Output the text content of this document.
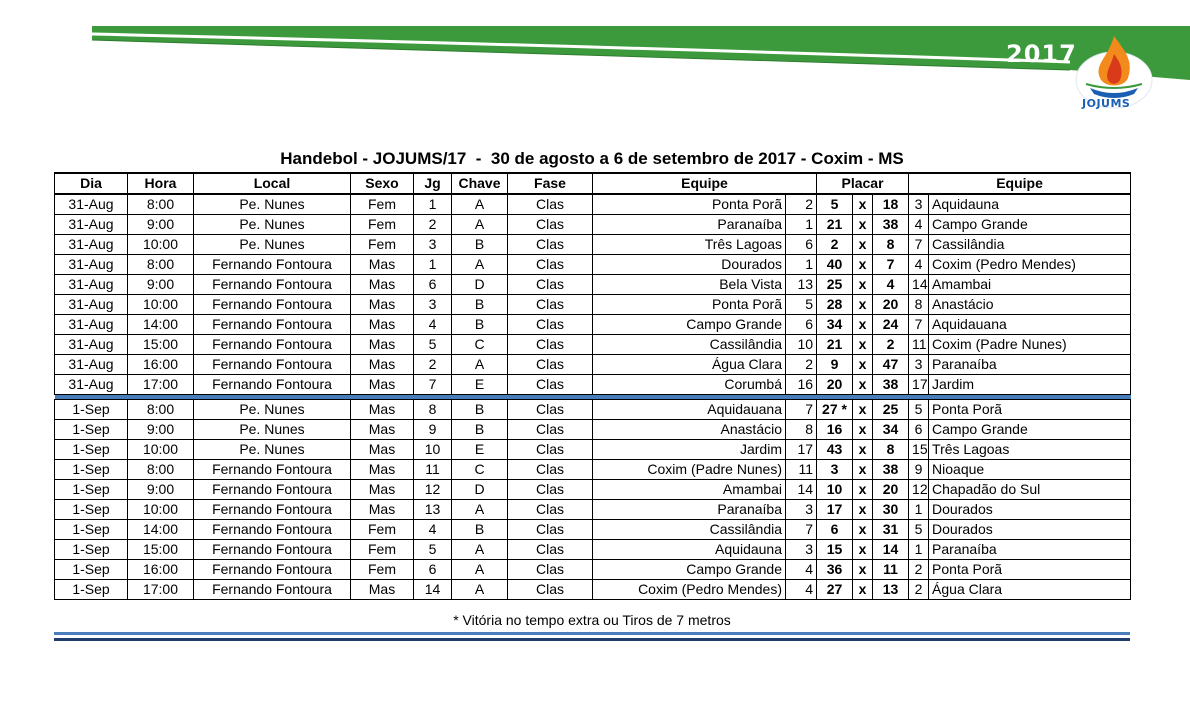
2017
JOJUMS
Handebol - JOJUMS/17  -  30 de agosto a 6 de setembro de 2017 - Coxim - MS
Dia	Hora	Local	Sexo	Jg	Chave	Fase	Equipe		Placar			Equipe	
31-Aug	8:00	Pe. Nunes	Fem	1	A	Clas	Ponta Porã	2	5	x	18	3	Aquidauna
31-Aug	9:00	Pe. Nunes	Fem	2	A	Clas	Paranaíba	1	21	x	38	4	Campo Grande
31-Aug	10:00	Pe. Nunes	Fem	3	B	Clas	Três Lagoas	6	2	x	8	7	Cassilândia
31-Aug	8:00	Fernando Fontoura	Mas	1	A	Clas	Dourados	1	40	x	7	4	Coxim (Pedro Mendes)
31-Aug	9:00	Fernando Fontoura	Mas	6	D	Clas	Bela Vista	13	25	x	4	14	Amambai
31-Aug	10:00	Fernando Fontoura	Mas	3	B	Clas	Ponta Porã	5	28	x	20	8	Anastácio
31-Aug	14:00	Fernando Fontoura	Mas	4	B	Clas	Campo Grande	6	34	x	24	7	Aquidauana
31-Aug	15:00	Fernando Fontoura	Mas	5	C	Clas	Cassilândia	10	21	x	2	11	Coxim (Padre Nunes)
31-Aug	16:00	Fernando Fontoura	Mas	2	A	Clas	Água Clara	2	9	x	47	3	Paranaíba
31-Aug	17:00	Fernando Fontoura	Mas	7	E	Clas	Corumbá	16	20	x	38	17	Jardim

1-Sep	8:00	Pe. Nunes	Mas	8	B	Clas	Aquidauana	7	27 *	x	25	5	Ponta Porã
1-Sep	9:00	Pe. Nunes	Mas	9	B	Clas	Anastácio	8	16	x	34	6	Campo Grande
1-Sep	10:00	Pe. Nunes	Mas	10	E	Clas	Jardim	17	43	x	8	15	Três Lagoas
1-Sep	8:00	Fernando Fontoura	Mas	11	C	Clas	Coxim (Padre Nunes)	11	3	x	38	9	Nioaque
1-Sep	9:00	Fernando Fontoura	Mas	12	D	Clas	Amambai	14	10	x	20	12	Chapadão do Sul
1-Sep	10:00	Fernando Fontoura	Mas	13	A	Clas	Paranaíba	3	17	x	30	1	Dourados
1-Sep	14:00	Fernando Fontoura	Fem	4	B	Clas	Cassilândia	7	6	x	31	5	Dourados
1-Sep	15:00	Fernando Fontoura	Fem	5	A	Clas	Aquidauna	3	15	x	14	1	Paranaíba
1-Sep	16:00	Fernando Fontoura	Fem	6	A	Clas	Campo Grande	4	36	x	11	2	Ponta Porã
1-Sep	17:00	Fernando Fontoura	Mas	14	A	Clas	Coxim (Pedro Mendes)	4	27	x	13	2	Água Clara
* Vitória no tempo extra ou Tiros de 7 metros
